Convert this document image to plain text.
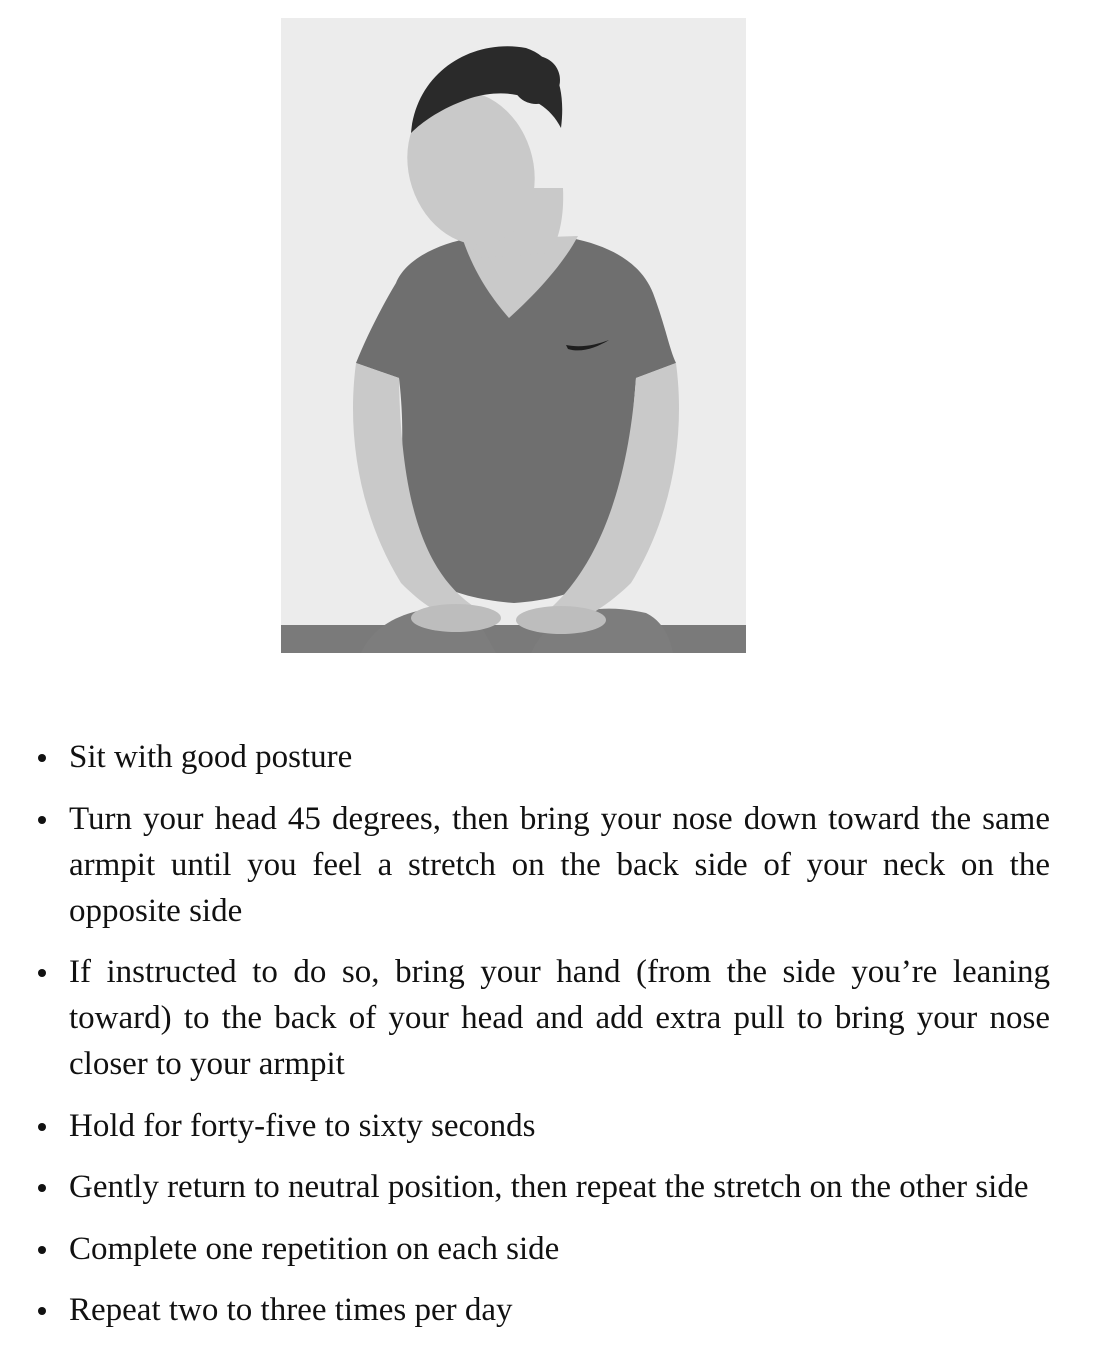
Sit with good posture
Turn your head 45 degrees, then bring your nose down toward the same armpit until you feel a stretch on the back side of your neck on the opposite side
If instructed to do so, bring your hand (from the side you’re leaning toward) to the back of your head and add extra pull to bring your nose closer to your armpit
Hold for forty-five to sixty seconds
Gently return to neutral position, then repeat the stretch on the other side
Complete one repetition on each side
Repeat two to three times per day
